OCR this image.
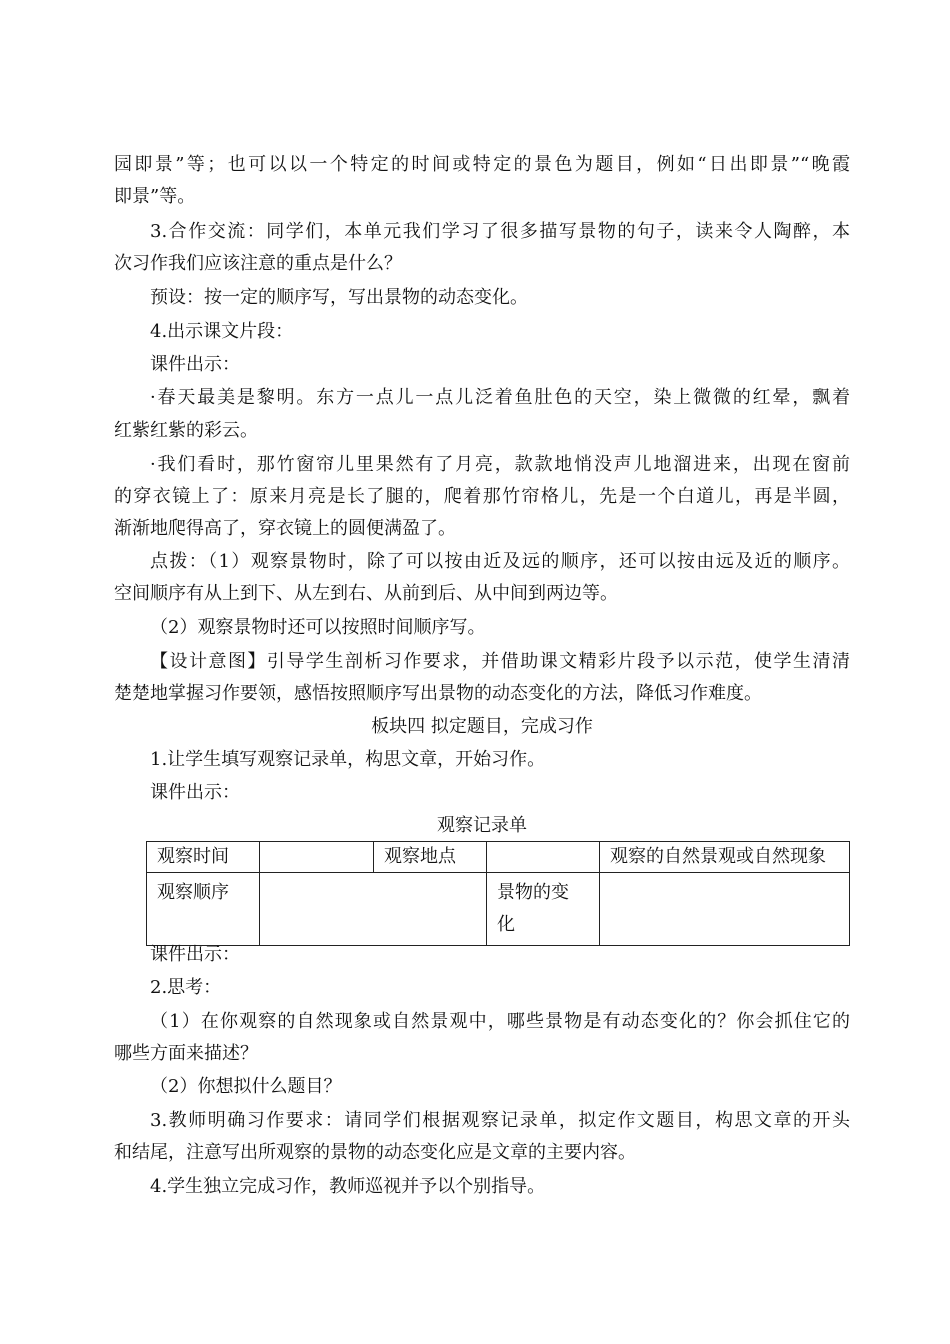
园即景”等；也可以以一个特定的时间或特定的景色为题目，例如“日出即景”“晚霞
即景”等。
3.合作交流：同学们，本单元我们学习了很多描写景物的句子，读来令人陶醉，本
次习作我们应该注意的重点是什么？
预设：按一定的顺序写，写出景物的动态变化。
4.出示课文片段：
课件出示：
·春天最美是黎明。东方一点儿一点儿泛着鱼肚色的天空，染上微微的红晕，飘着
红紫红紫的彩云。
·我们看时，那竹窗帘儿里果然有了月亮，款款地悄没声儿地溜进来，出现在窗前
的穿衣镜上了：原来月亮是长了腿的，爬着那竹帘格儿，先是一个白道儿，再是半圆，
渐渐地爬得高了，穿衣镜上的圆便满盈了。
点拨：（1）观察景物时，除了可以按由近及远的顺序，还可以按由远及近的顺序。
空间顺序有从上到下、从左到右、从前到后、从中间到两边等。
（2）观察景物时还可以按照时间顺序写。
【设计意图】引导学生剖析习作要求，并借助课文精彩片段予以示范，使学生清清
楚楚地掌握习作要领，感悟按照顺序写出景物的动态变化的方法，降低习作难度。
板块四 拟定题目，完成习作
1.让学生填写观察记录单，构思文章，开始习作。
课件出示：
观察记录单
观察时间		观察地点		观察的自然景观或自然现象
观察顺序			景物的变
化	
课件出示：
2.思考：
（1）在你观察的自然现象或自然景观中，哪些景物是有动态变化的？你会抓住它的
哪些方面来描述？
（2）你想拟什么题目？
3.教师明确习作要求：请同学们根据观察记录单，拟定作文题目，构思文章的开头
和结尾，注意写出所观察的景物的动态变化应是文章的主要内容。
4.学生独立完成习作，教师巡视并予以个别指导。
